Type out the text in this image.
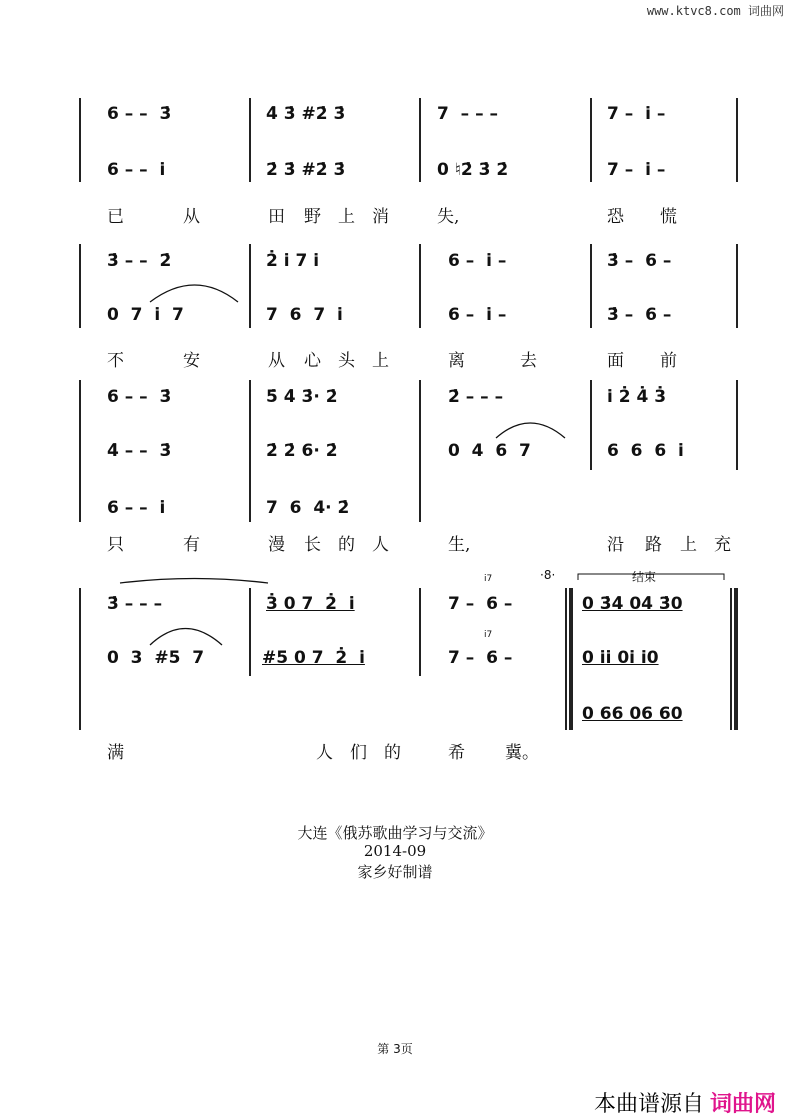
www.ktvc8.com 词曲网
6 – –  3̇	4̇ 3̇ #2̇ 3̇	7  – – –	7 –  i̇ –
6 – –  i̇	2̇ 3̇ #2̇ 3̇	0 ♮2̇ 3̇ 2̇	7 –  i̇ –
已	从	田 野 上 消	失,	恐 慌
3̇ – –  2̇	2̇ i̇ 7 i̇	6 –  i̇ –	3̇ –  6 –
0  7  i̇  7	7  6  7  i̇	6 –  i̇ –	3̇ –  6 –
不	安	从 心 头 上	离	去	面 前
6 – –  3̇	5̇ 4̇ 3̇· 2̇	2̇ – – –	i̇ 2̇ 4̇ 3̇
4̇ – –  3̇	2̇ 2̇ 6· 2̇	0  4  6  7	6  6  6  i̇
6 – –  i̇	7  6  4· 2̇
只	有	漫 长 的 人	生,	沿 路 上 充
·8·	结束
i̇7
i̇7
3̇ – – –	3̇ 0 7  2̇  i̇	7 –  6 –	0 3̇4̇ 04̇ 3̇0
0  3  #5  7	#5 0 7  2̇  i̇	7 –  6 –	0 i̇i̇ 0i̇ i̇0
0 66 06 60
满	人 们 的	希 冀。
大连《俄苏歌曲学习与交流》
2014-09
家乡好制谱
第 3页
本曲谱源自 词曲网
